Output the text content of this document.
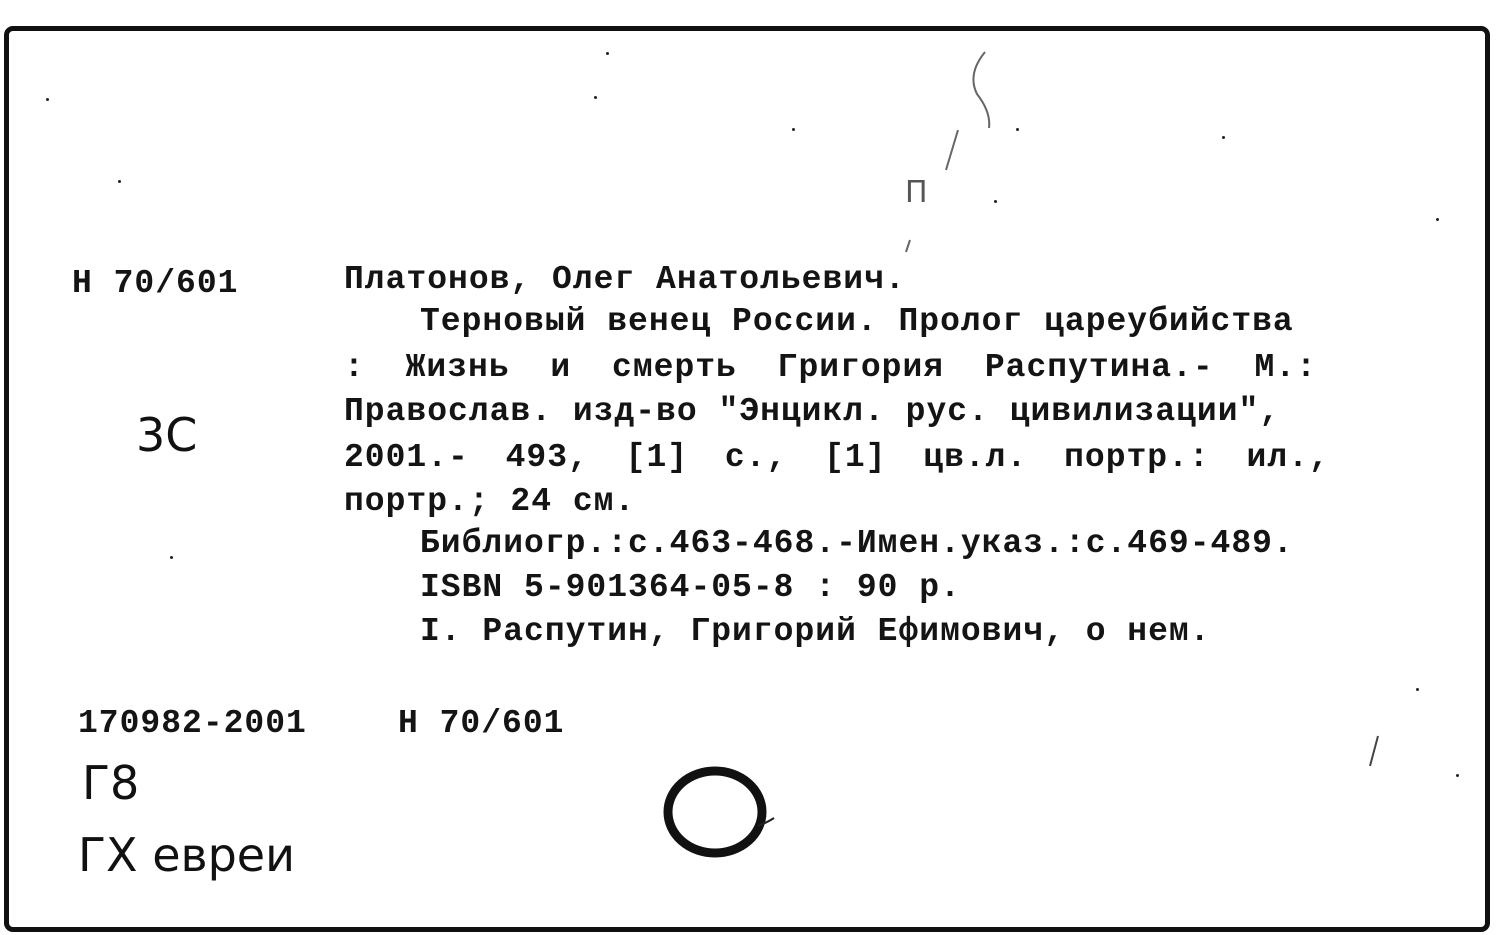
Н 70/601	Платонов, Олег Анатольевич.
Терновый венец России. Пролог цареубийства
: Жизнь и смерть Григория Распутина.- М.:
Православ. изд-во "Энцикл. рус. цивилизации",
2001.- 493, [1] с., [1] цв.л. портр.: ил.,
портр.; 24 см.
Библиогр.:с.463-468.-Имен.указ.:с.469-489.
ISBN 5-901364-05-8 : 90 р.
I. Распутин, Григорий Ефимович, о нем.
170982-2001	Н 70/601
П
3С
Г8
ГХ евреи
